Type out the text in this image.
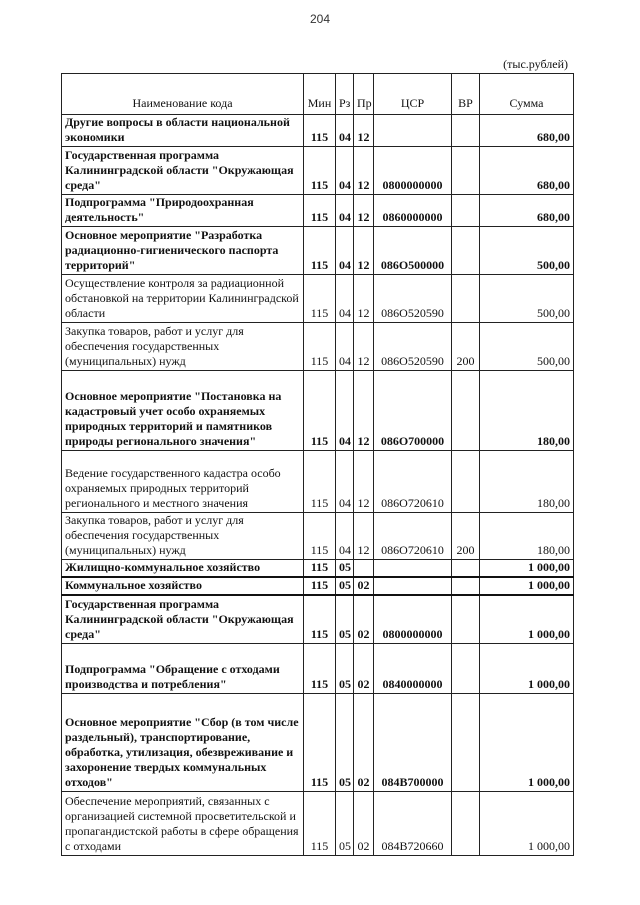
204
(тыс.рублей)
Наименование кода	Мин	Рз	Пр	ЦСР	ВР	Сумма
Другие вопросы в области национальной экономики	115	04	12			680,00
Государственная программа Калининградской области "Окружающая среда"	115	04	12	0800000000		680,00
Подпрограмма "Природоохранная деятельность"	115	04	12	0860000000		680,00
Основное мероприятие "Разработка радиационно-гигиенического паспорта территорий"	115	04	12	086О500000		500,00
Осуществление контроля за радиационной обстановкой на территории Калининградской области	115	04	12	086О520590		500,00
Закупка товаров, работ и услуг для обеспечения государственных (муниципальных) нужд	115	04	12	086О520590	200	500,00
Основное мероприятие "Постановка на кадастровый учет особо охраняемых природных территорий и памятников природы регионального значения"	115	04	12	086О700000		180,00
Ведение государственного кадастра особо охраняемых природных территорий регионального и местного значения	115	04	12	086О720610		180,00
Закупка товаров, работ и услуг для обеспечения государственных (муниципальных) нужд	115	04	12	086О720610	200	180,00
Жилищно-коммунальное хозяйство	115	05				1 000,00
Коммунальное хозяйство	115	05	02			1 000,00
Государственная программа Калининградской области "Окружающая среда"	115	05	02	0800000000		1 000,00
Подпрограмма "Обращение с отходами производства и потребления"	115	05	02	0840000000		1 000,00
Основное мероприятие "Сбор (в том числе раздельный), транспортирование, обработка, утилизация, обезвреживание и захоронение твердых коммунальных отходов"	115	05	02	084В700000		1 000,00
Обеспечение мероприятий, связанных с организацией системной просветительской и пропагандистской работы в сфере обращения с отходами	115	05	02	084В720660		1 000,00
